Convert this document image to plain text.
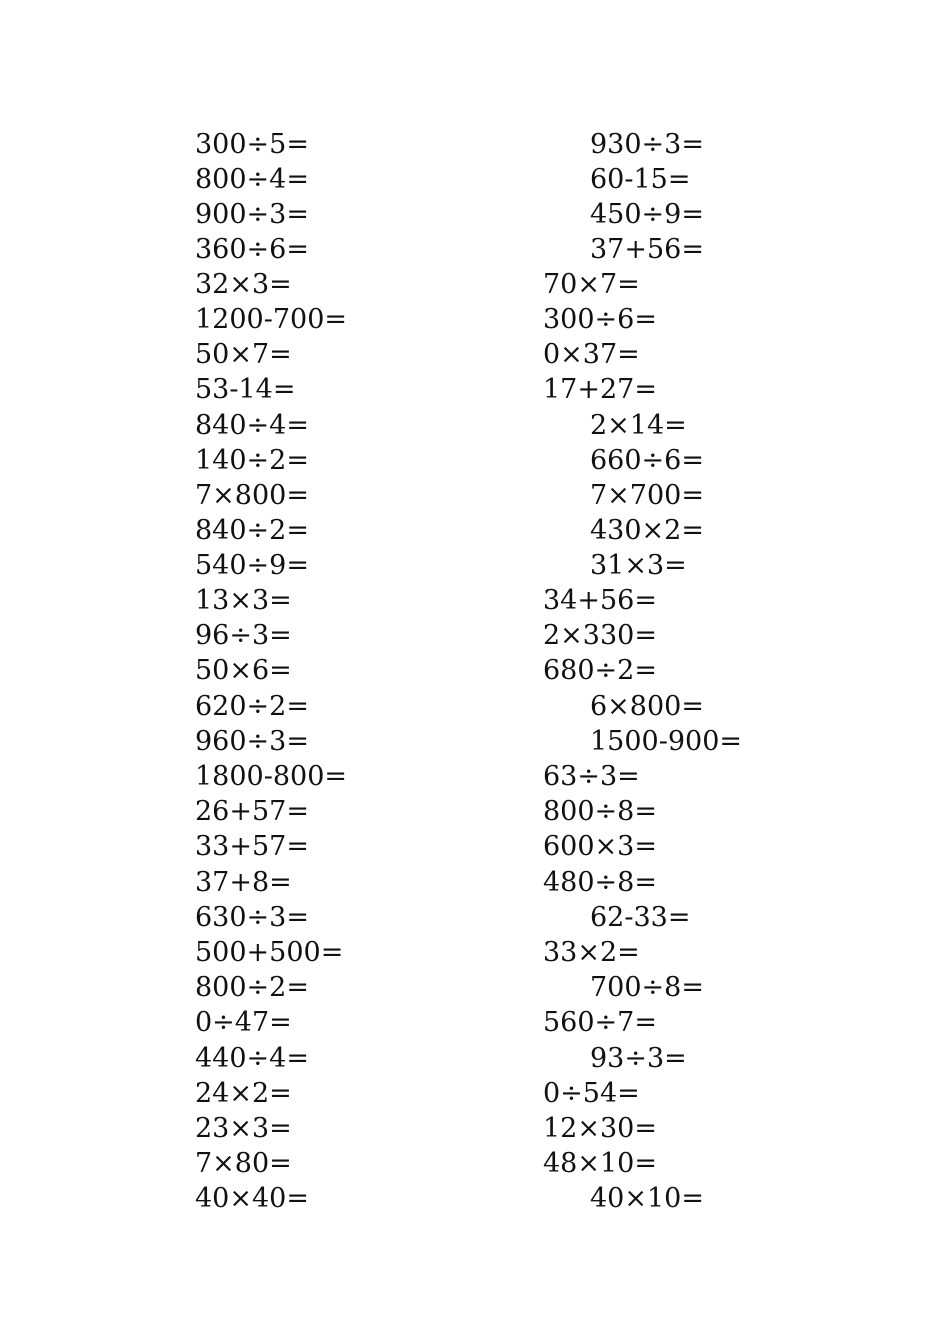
300÷5=
800÷4=
900÷3=
360÷6=
32×3=
1200-700=
50×7=
53-14=
840÷4=
140÷2=
7×800=
840÷2=
540÷9=
13×3=
96÷3=
50×6=
620÷2=
960÷3=
1800-800=
26+57=
33+57=
37+8=
630÷3=
500+500=
800÷2=
0÷47=
440÷4=
24×2=
23×3=
7×80=
40×40=
930÷3=
60-15=
450÷9=
37+56=
70×7=
300÷6=
0×37=
17+27=
2×14=
660÷6=
7×700=
430×2=
31×3=
34+56=
2×330=
680÷2=
6×800=
1500-900=
63÷3=
800÷8=
600×3=
480÷8=
62-33=
33×2=
700÷8=
560÷7=
93÷3=
0÷54=
12×30=
48×10=
40×10=
